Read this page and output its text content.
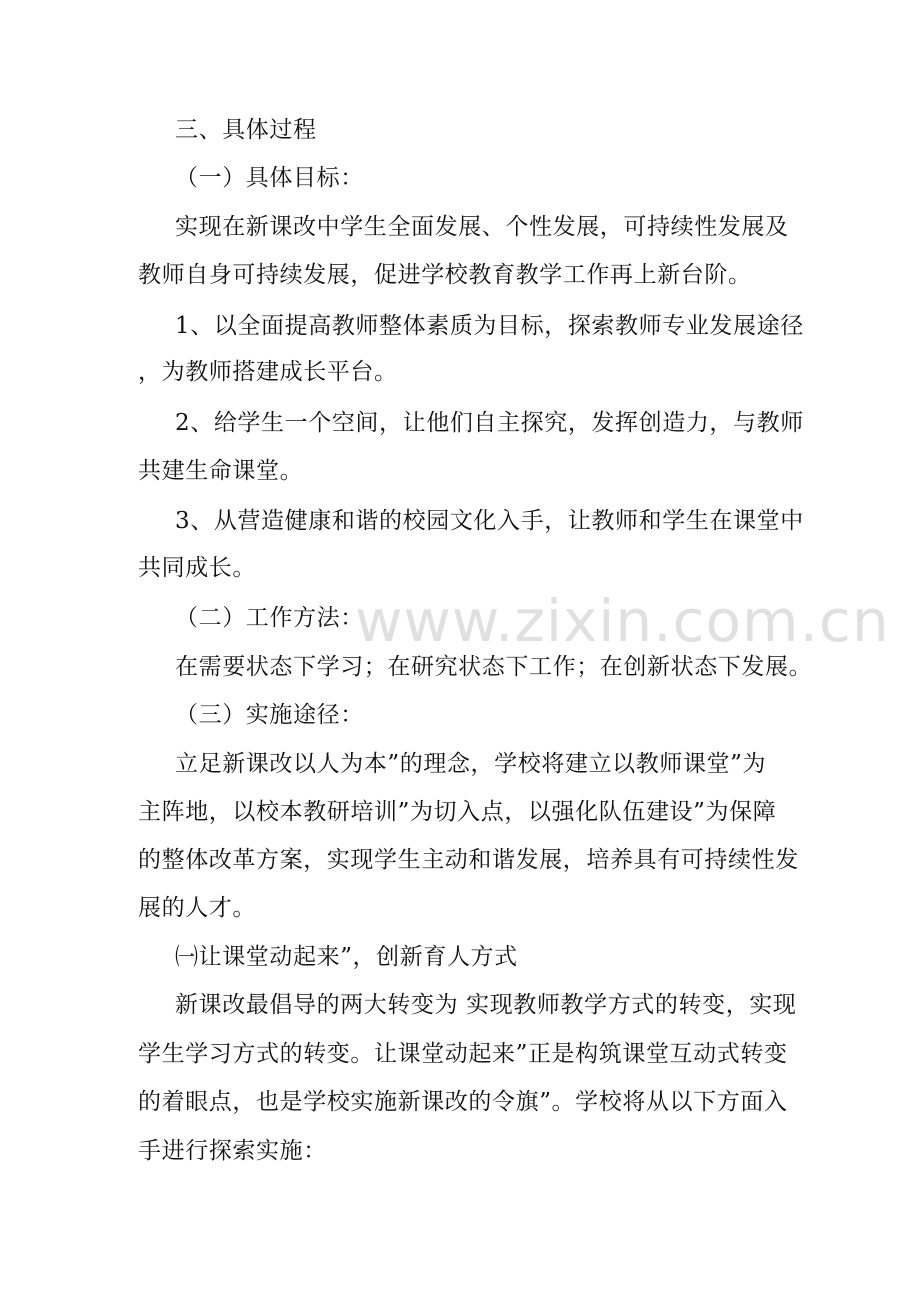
www.zixin.com.cn
三、具体过程
（一）具体目标：
实现在新课改中学生全面发展、个性发展，可持续性发展及
教师自身可持续发展，促进学校教育教学工作再上新台阶。
1、以全面提高教师整体素质为目标，探索教师专业发展途径
，为教师搭建成长平台。
2、给学生一个空间，让他们自主探究，发挥创造力，与教师
共建生命课堂。
3、从营造健康和谐的校园文化入手，让教师和学生在课堂中
共同成长。
（二）工作方法：
在需要状态下学习；在研究状态下工作；在创新状态下发展。
（三）实施途径：
立足新课改以人为本”的理念，学校将建立以教师课堂”为
主阵地，以校本教研培训”为切入点，以强化队伍建设”为保障
的整体改革方案，实现学生主动和谐发展，培养具有可持续性发
展的人才。
㈠让课堂动起来”，创新育人方式
新课改最倡导的两大转变为 实现教师教学方式的转变，实现
学生学习方式的转变。让课堂动起来”正是构筑课堂互动式转变
的着眼点，也是学校实施新课改的令旗”。学校将从以下方面入
手进行探索实施：
